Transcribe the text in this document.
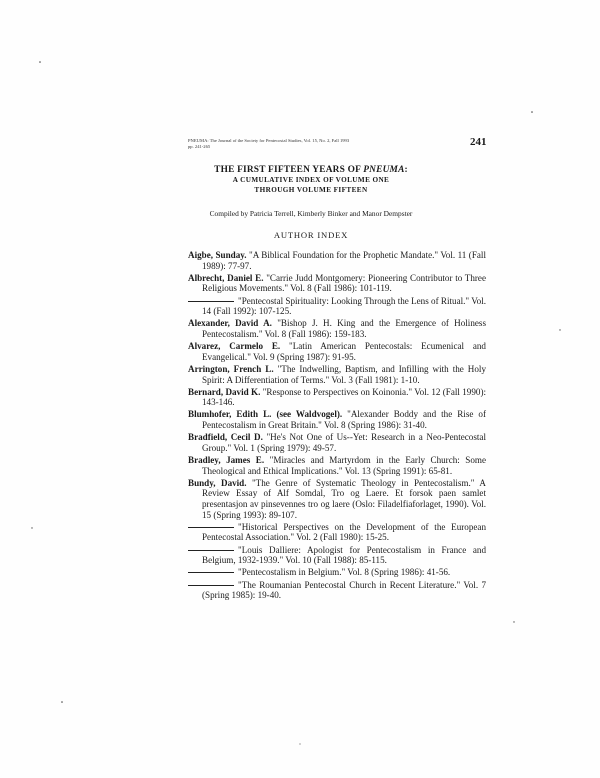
PNEUMA: The Journal of the Society for Pentecostal Studies, Vol. 15, No. 2, Fall 1993
pp. 241-265	241
THE FIRST FIFTEEN YEARS OF PNEUMA:
A CUMULATIVE INDEX OF VOLUME ONE
THROUGH VOLUME FIFTEEN
Compiled by Patricia Terrell, Kimberly Binker and Manor Dempster
AUTHOR INDEX

Aigbe, Sunday. "A Biblical Foundation for the Prophetic Mandate." Vol. 11 (Fall 1989): 77-97.

Albrecht, Daniel E. "Carrie Judd Montgomery: Pioneering Contributor to Three Religious Movements." Vol. 8 (Fall 1986): 101-119.

"Pentecostal Spirituality: Looking Through the Lens of Ritual." Vol. 14 (Fall 1992): 107-125.

Alexander, David A. "Bishop J. H. King and the Emergence of Holiness Pentecostalism." Vol. 8 (Fall 1986): 159-183.

Alvarez, Carmelo E. "Latin American Pentecostals: Ecumenical and Evangelical." Vol. 9 (Spring 1987): 91-95.

Arrington, French L. "The Indwelling, Baptism, and Infilling with the Holy Spirit: A Differentiation of Terms." Vol. 3 (Fall 1981): 1-10.

Bernard, David K. "Response to Perspectives on Koinonia." Vol. 12 (Fall 1990): 143-146.

Blumhofer, Edith L. (see Waldvogel). "Alexander Boddy and the Rise of Pentecostalism in Great Britain." Vol. 8 (Spring 1986): 31-40.

Bradfield, Cecil D. "He's Not One of Us--Yet: Research in a Neo-Pentecostal Group." Vol. 1 (Spring 1979): 49-57.

Bradley, James E. "Miracles and Martyrdom in the Early Church: Some Theological and Ethical Implications." Vol. 13 (Spring 1991): 65-81.

Bundy, David. "The Genre of Systematic Theology in Pentecostalism." A Review Essay of Alf Somdal, Tro og Laere. Et forsok paen samlet presentasjon av pinsevennes tro og laere (Oslo: Filadelfiaforlaget, 1990). Vol. 15 (Spring 1993): 89-107.

"Historical Perspectives on the Development of the European Pentecostal Association." Vol. 2 (Fall 1980): 15-25.

"Louis Dalliere: Apologist for Pentecostalism in France and Belgium, 1932-1939." Vol. 10 (Fall 1988): 85-115.

"Pentecostalism in Belgium." Vol. 8 (Spring 1986): 41-56.

"The Roumanian Pentecostal Church in Recent Literature." Vol. 7 (Spring 1985): 19-40.
